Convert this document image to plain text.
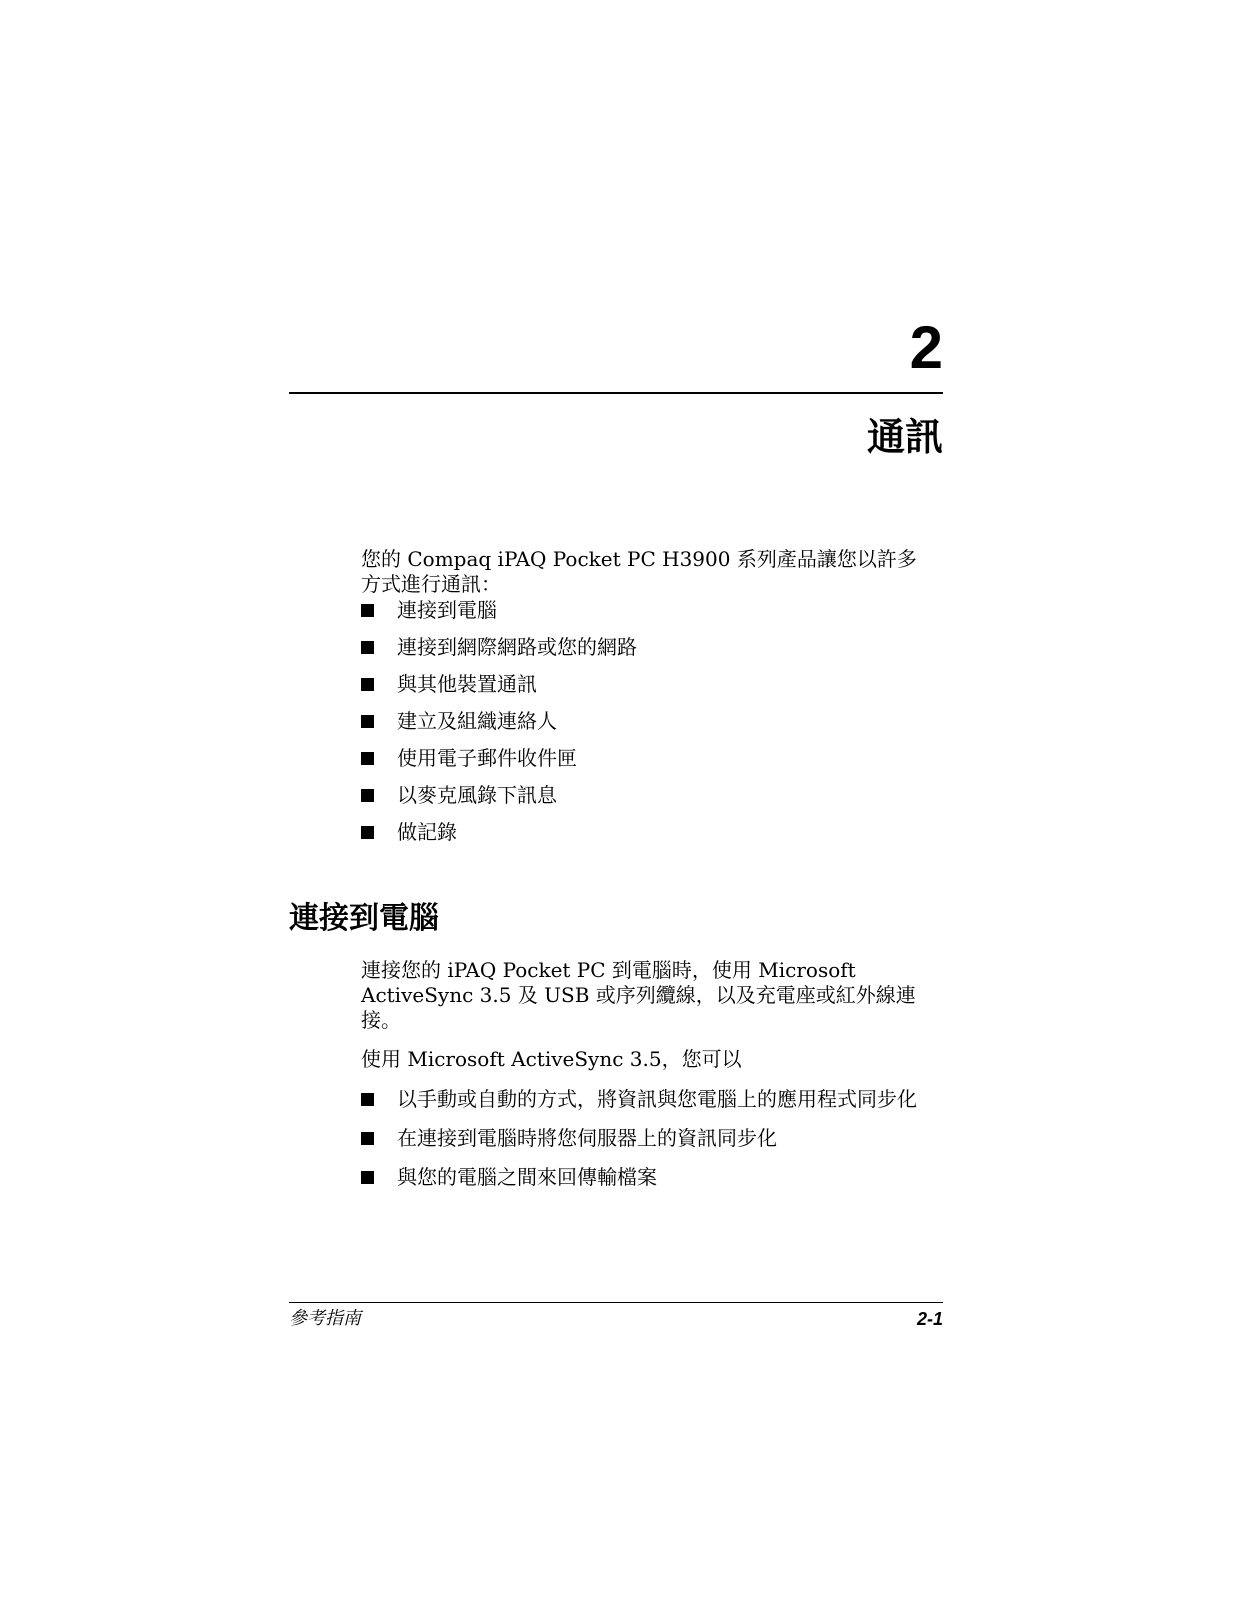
2
通訊

您的 Compaq iPAQ Pocket PC H3900 系列產品讓您以許多方式進行通訊：

連接到電腦
連接到網際網路或您的網路
與其他裝置通訊
建立及組織連絡人
使用電子郵件收件匣
以麥克風錄下訊息
做記錄
連接到電腦

連接您的 iPAQ Pocket PC 到電腦時，使用 Microsoft ActiveSync 3.5 及 USB 或序列纜線，以及充電座或紅外線連接。

使用 Microsoft ActiveSync 3.5，您可以

以手動或自動的方式，將資訊與您電腦上的應用程式同步化
在連接到電腦時將您伺服器上的資訊同步化
與您的電腦之間來回傳輸檔案
參考指南	2-1
